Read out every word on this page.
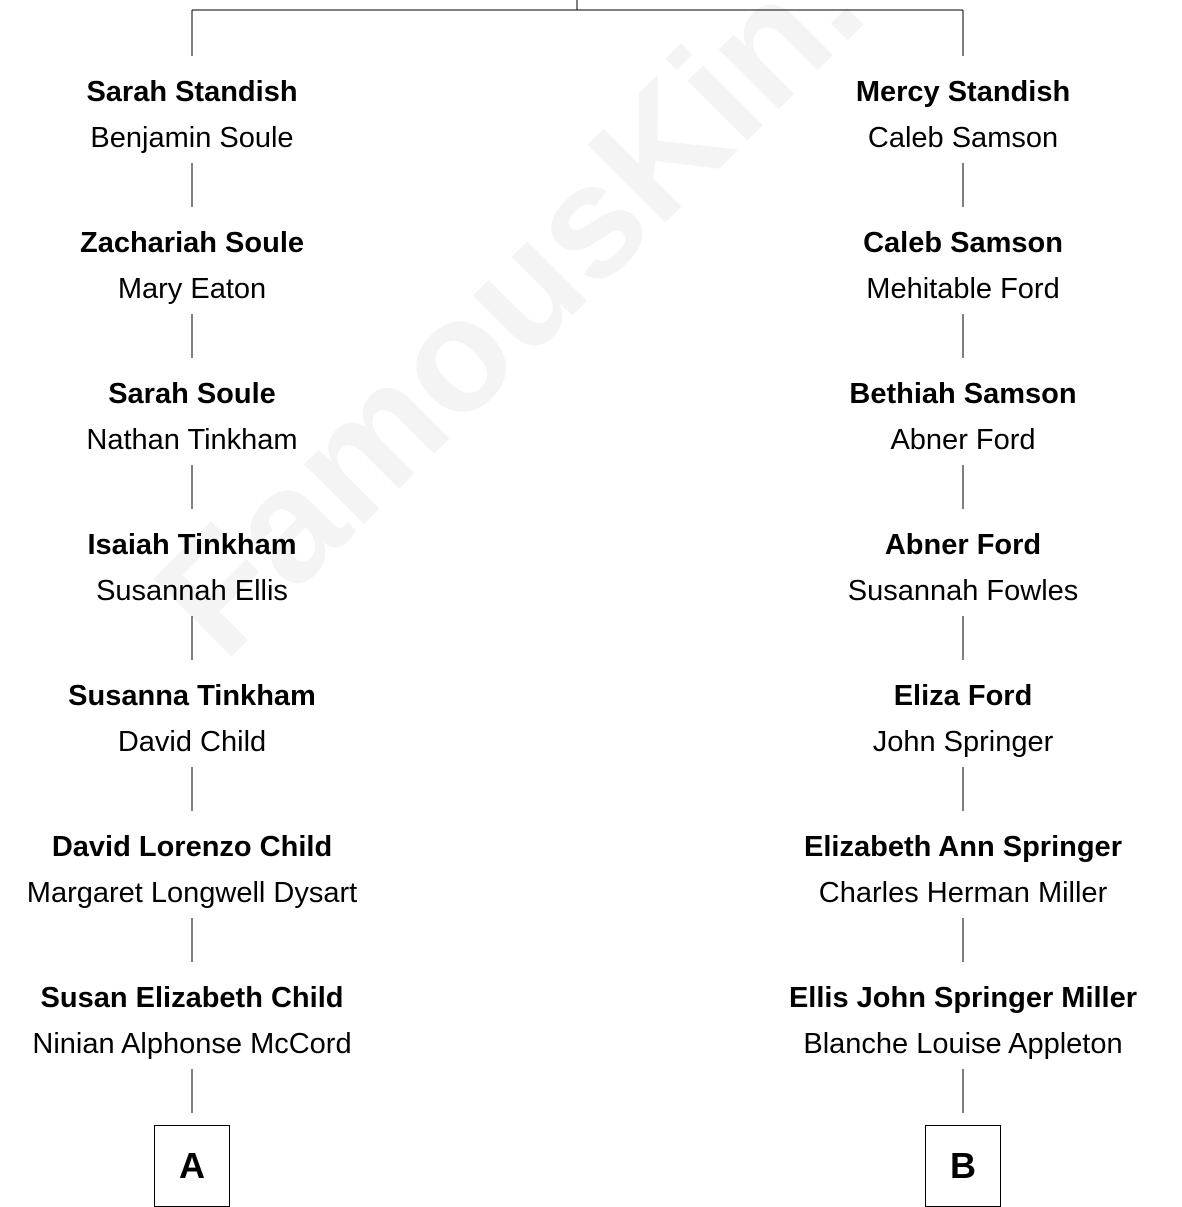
Sarah Standish
Benjamin Soule
Zachariah Soule
Mary Eaton
Sarah Soule
Nathan Tinkham
Isaiah Tinkham
Susannah Ellis
Susanna Tinkham
David Child
David Lorenzo Child
Margaret Longwell Dysart
Susan Elizabeth Child
Ninian Alphonse McCord
Mercy Standish
Caleb Samson
Caleb Samson
Mehitable Ford
Bethiah Samson
Abner Ford
Abner Ford
Susannah Fowles
Eliza Ford
John Springer
Elizabeth Ann Springer
Charles Herman Miller
Ellis John Springer Miller
Blanche Louise Appleton
A	B
